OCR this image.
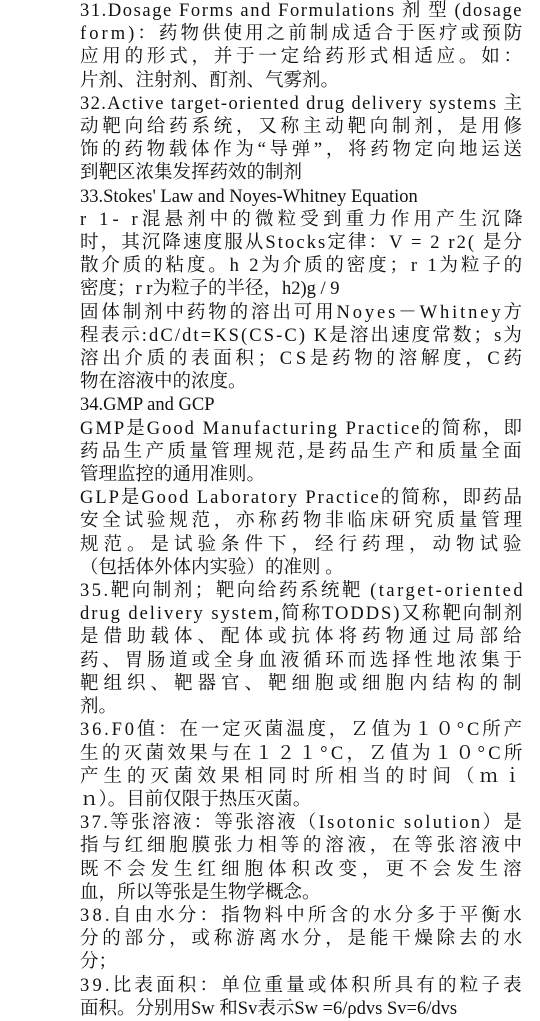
31.Dosage Forms and Formulations 剂 型 (dosage
form)：药物供使用之前制成适合于医疗或预防
应用的形式，并于一定给药形式相适应。如：
片剂、注射剂、酊剂、气雾剂。
32.Active target-oriented drug delivery systems 主
动靶向给药系统，又称主动靶向制剂，是用修
饰的药物载体作为“导弹”，将药物定向地运送
到靶区浓集发挥药效的制剂
33.Stokes' Law and Noyes-Whitney Equation
r 1- r混悬剂中的微粒受到重力作用产生沉降
时，其沉降速度服从Stocks定律：V = 2 r2( 是分
散介质的粘度。h 2为介质的密度；r 1为粒子的
密度；r r为粒子的半径，h2)g / 9
固体制剂中药物的溶出可用Noyes－Whitney方
程表示:dC/dt=KS(CS-C) K是溶出速度常数；s为
溶出介质的表面积；CS是药物的溶解度，C药
物在溶液中的浓度。
34.GMP and GCP
GMP是Good Manufacturing Practice的简称，即
药品生产质量管理规范,是药品生产和质量全面
管理监控的通用准则。
GLP是Good Laboratory Practice的简称，即药品
安全试验规范，亦称药物非临床研究质量管理
规范。是试验条件下，经行药理，动物试验
（包括体外体内实验）的准则 。
35.靶向制剂；靶向给药系统靶 (target-oriented
drug delivery system,简称TODDS)又称靶向制剂
是借助载体、配体或抗体将药物通过局部给
药、胃肠道或全身血液循环而选择性地浓集于
靶组织、靶器官、靶细胞或细胞内结构的制
剂。
36.F0值：在一定灭菌温度，Ｚ值为１０°C所产
生的灭菌效果与在１２１°C，Ｚ值为１０°C所
产生的灭菌效果相同时所相当的时间（ｍｉ
ｎ）。目前仅限于热压灭菌。
37.等张溶液：等张溶液（Isotonic solution）是
指与红细胞膜张力相等的溶液，在等张溶液中
既不会发生红细胞体积改变，更不会发生溶
血，所以等张是生物学概念。
38.自由水分：指物料中所含的水分多于平衡水
分的部分，或称游离水分，是能干燥除去的水
分；
39.比表面积：单位重量或体积所具有的粒子表
面积。分别用Sw 和Sv表示Sw =6/ρdvs Sv=6/dvs
